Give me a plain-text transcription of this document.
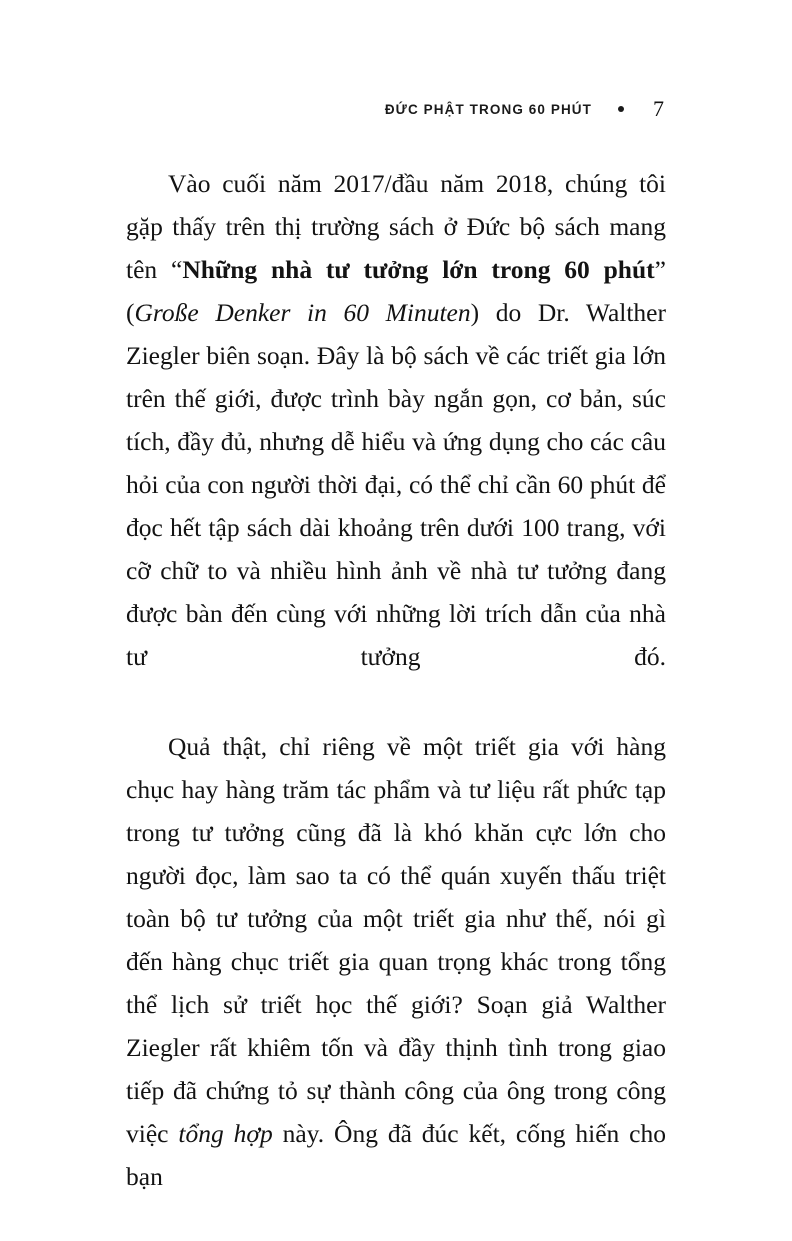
ĐỨC PHẬT TRONG 60 PHÚT	7

Vào cuối năm 2017/đầu năm 2018, chúng tôi gặp thấy trên thị trường sách ở Đức bộ sách mang tên “Những nhà tư tưởng lớn trong 60 phút” (Große Denker in 60 Minuten) do Dr. Walther Ziegler biên soạn. Đây là bộ sách về các triết gia lớn trên thế giới, được trình bày ngắn gọn, cơ bản, súc tích, đầy đủ, nhưng dễ hiểu và ứng dụng cho các câu hỏi của con người thời đại, có thể chỉ cần 60 phút để đọc hết tập sách dài khoảng trên dưới 100 trang, với cỡ chữ to và nhiều hình ảnh về nhà tư tưởng đang được bàn đến cùng với những lời trích dẫn của nhà tư tưởng đó.

Quả thật, chỉ riêng về một triết gia với hàng chục hay hàng trăm tác phẩm và tư liệu rất phức tạp trong tư tưởng cũng đã là khó khăn cực lớn cho người đọc, làm sao ta có thể quán xuyến thấu triệt toàn bộ tư tưởng của một triết gia như thế, nói gì đến hàng chục triết gia quan trọng khác trong tổng thể lịch sử triết học thế giới? Soạn giả Walther Ziegler rất khiêm tốn và đầy thịnh tình trong giao tiếp đã chứng tỏ sự thành công của ông trong công việc tổng hợp này. Ông đã đúc kết, cống hiến cho bạn
